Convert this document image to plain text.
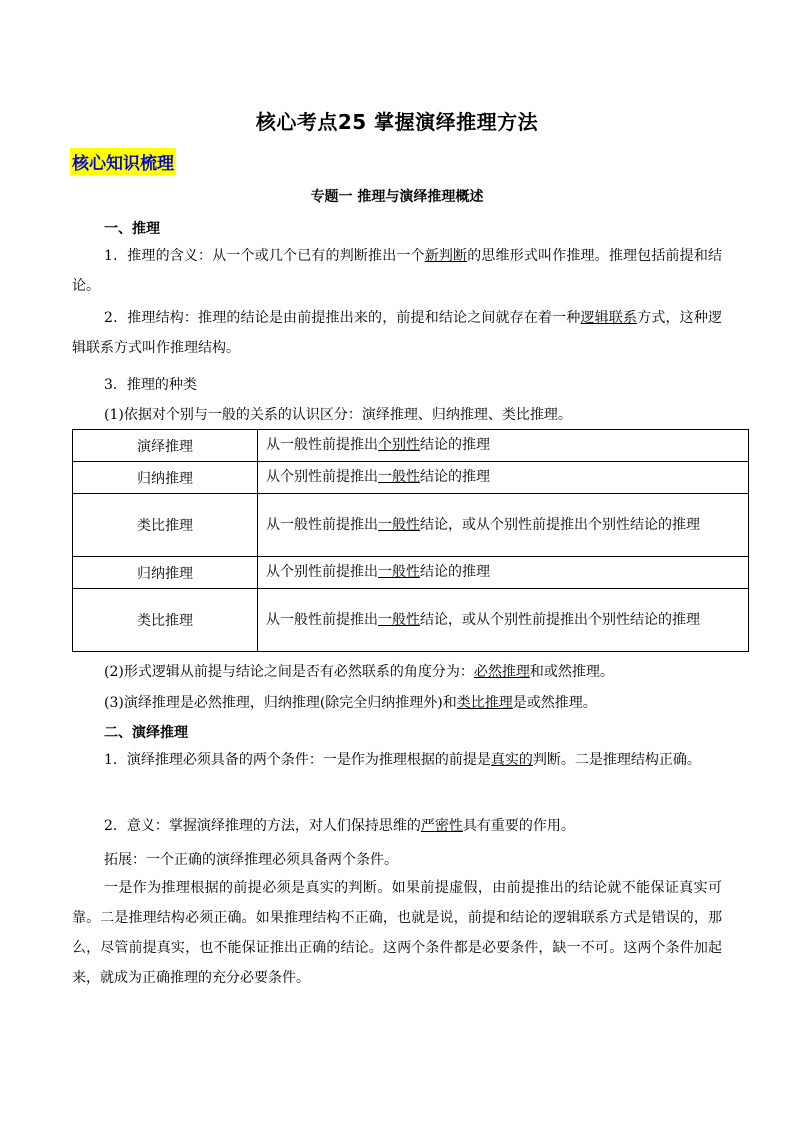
核心考点25 掌握演绎推理方法
核心知识梳理
专题一 推理与演绎推理概述
一、推理

1．推理的含义：从一个或几个已有的判断推出一个新判断的思维形式叫作推理。推理包括前提和结论。

2．推理结构：推理的结论是由前提推出来的，前提和结论之间就存在着一种逻辑联系方式，这种逻辑联系方式叫作推理结构。

3．推理的种类
(1)依据对个别与一般的关系的认识区分：演绎推理、归纳推理、类比推理。
演绎推理	从一般性前提推出个别性结论的推理
归纳推理	从个别性前提推出一般性结论的推理
类比推理	从一般性前提推出一般性结论，或从个别性前提推出个别性结论的推理
归纳推理	从个别性前提推出一般性结论的推理
类比推理	从一般性前提推出一般性结论，或从个别性前提推出个别性结论的推理
(2)形式逻辑从前提与结论之间是否有必然联系的角度分为：必然推理和或然推理。
(3)演绎推理是必然推理，归纳推理(除完全归纳推理外)和类比推理是或然推理。
二、演绎推理

1．演绎推理必须具备的两个条件：一是作为推理根据的前提是真实的判断。二是推理结构正确。

2．意义：掌握演绎推理的方法，对人们保持思维的严密性具有重要的作用。

拓展：一个正确的演绎推理必须具备两个条件。

一是作为推理根据的前提必须是真实的判断。如果前提虚假，由前提推出的结论就不能保证真实可靠。二是推理结构必须正确。如果推理结构不正确，也就是说，前提和结论的逻辑联系方式是错误的，那么，尽管前提真实，也不能保证推出正确的结论。这两个条件都是必要条件，缺一不可。这两个条件加起来，就成为正确推理的充分必要条件。
